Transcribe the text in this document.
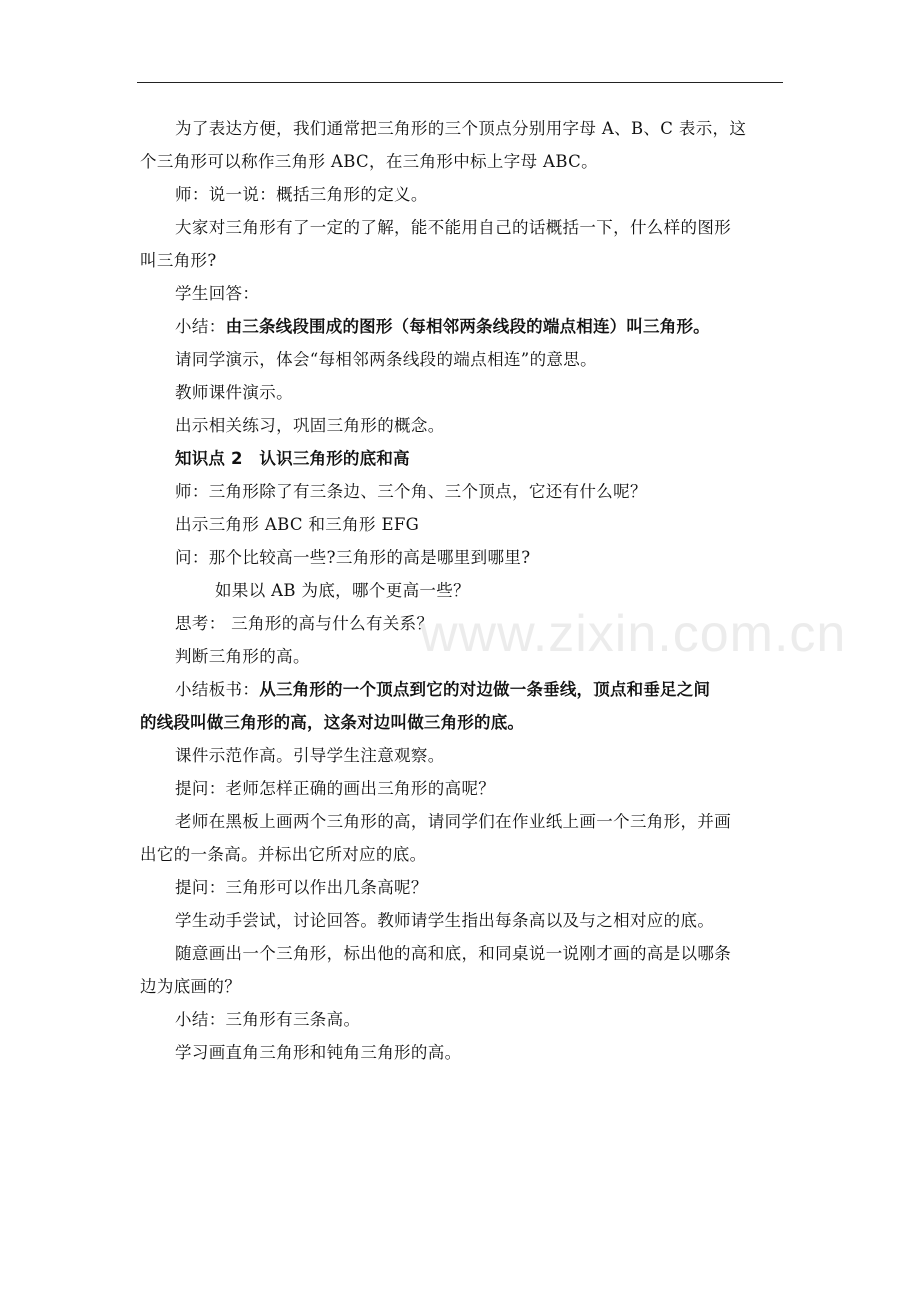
www.zixin.com.cn
为了表达方便，我们通常把三角形的三个顶点分别用字母 A、B、C 表示，这
个三角形可以称作三角形 ABC，在三角形中标上字母 ABC。
师：说一说：概括三角形的定义。
大家对三角形有了一定的了解，能不能用自己的话概括一下，什么样的图形
叫三角形?
学生回答：
小结：由三条线段围成的图形（每相邻两条线段的端点相连）叫三角形。
请同学演示，体会“每相邻两条线段的端点相连”的意思。
教师课件演示。
出示相关练习，巩固三角形的概念。
知识点 2　认识三角形的底和高
师：三角形除了有三条边、三个角、三个顶点，它还有什么呢？
出示三角形 ABC 和三角形 EFG
问：那个比较高一些?三角形的高是哪里到哪里?
如果以 AB 为底，哪个更高一些？
思考： 三角形的高与什么有关系？
判断三角形的高。
小结板书：从三角形的一个顶点到它的对边做一条垂线，顶点和垂足之间
的线段叫做三角形的高，这条对边叫做三角形的底。
课件示范作高。引导学生注意观察。
提问：老师怎样正确的画出三角形的高呢？
老师在黑板上画两个三角形的高，请同学们在作业纸上画一个三角形，并画
出它的一条高。并标出它所对应的底。
提问：三角形可以作出几条高呢？
学生动手尝试，讨论回答。教师请学生指出每条高以及与之相对应的底。
随意画出一个三角形，标出他的高和底，和同桌说一说刚才画的高是以哪条
边为底画的？
小结：三角形有三条高。
学习画直角三角形和钝角三角形的高。
